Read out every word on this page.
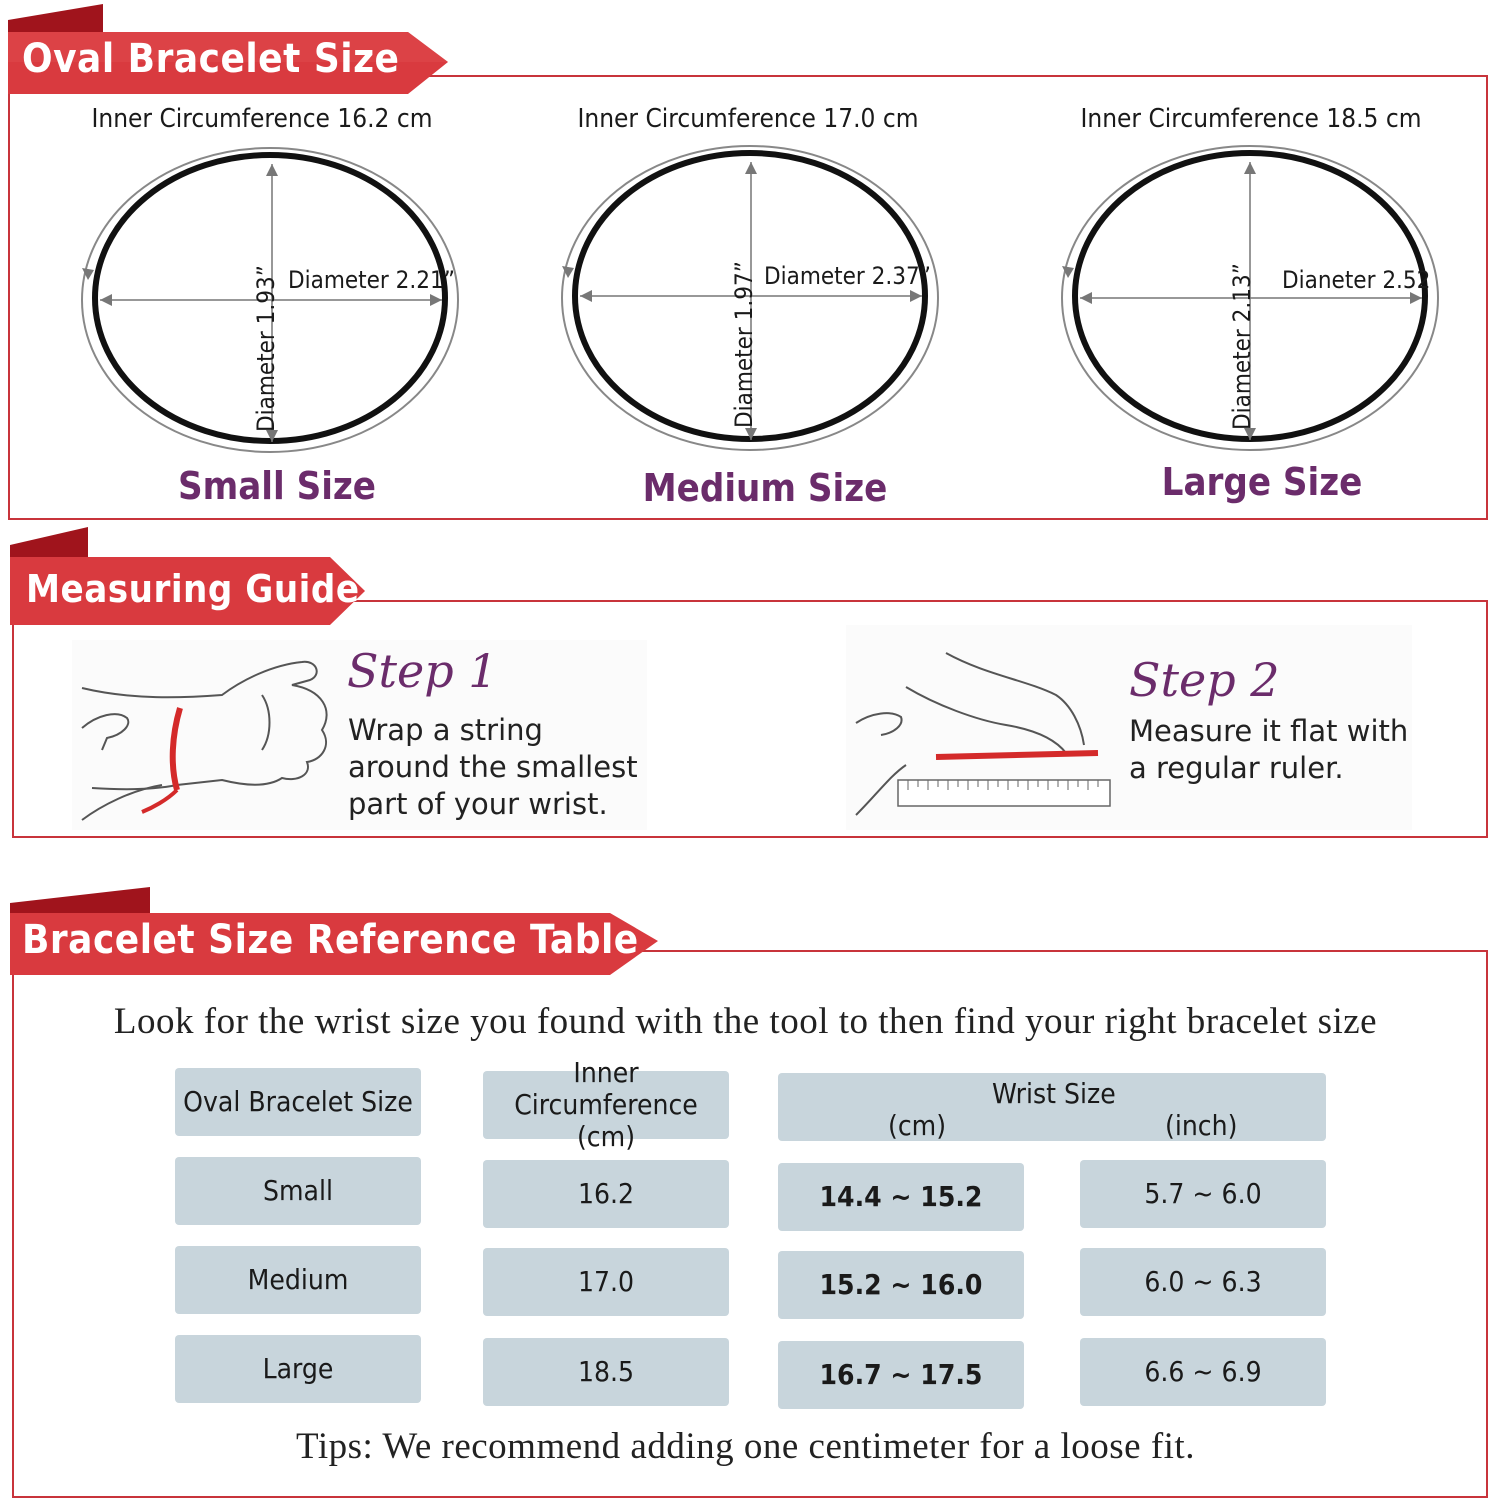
Oval Bracelet Size
Inner Circumference 16.2 cm
Diameter 2.21”
Diameter 1.93”
Small Size
Inner Circumference 17.0 cm
Diameter 2.37”
Diameter 1.97”
Medium Size
Inner Circumference 18.5 cm
Dianeter 2.52
Diameter 2.13”
Large Size
Measuring Guide
Step 1
Wrap a string
around the smallest
part of your wrist.
Step 2
Measure it flat with
a regular ruler.
Bracelet Size Reference Table
Look for the wrist size you found with the tool to then find your right bracelet size
Oval Bracelet Size
Inner Circumference
(cm)
Wrist Size
(cm)	(inch)
Small	16.2	14.4 ~ 15.2	5.7 ~ 6.0
Medium	17.0	15.2 ~ 16.0	6.0 ~ 6.3
Large	18.5	16.7 ~ 17.5	6.6 ~ 6.9
Tips: We recommend adding one centimeter for a loose fit.
